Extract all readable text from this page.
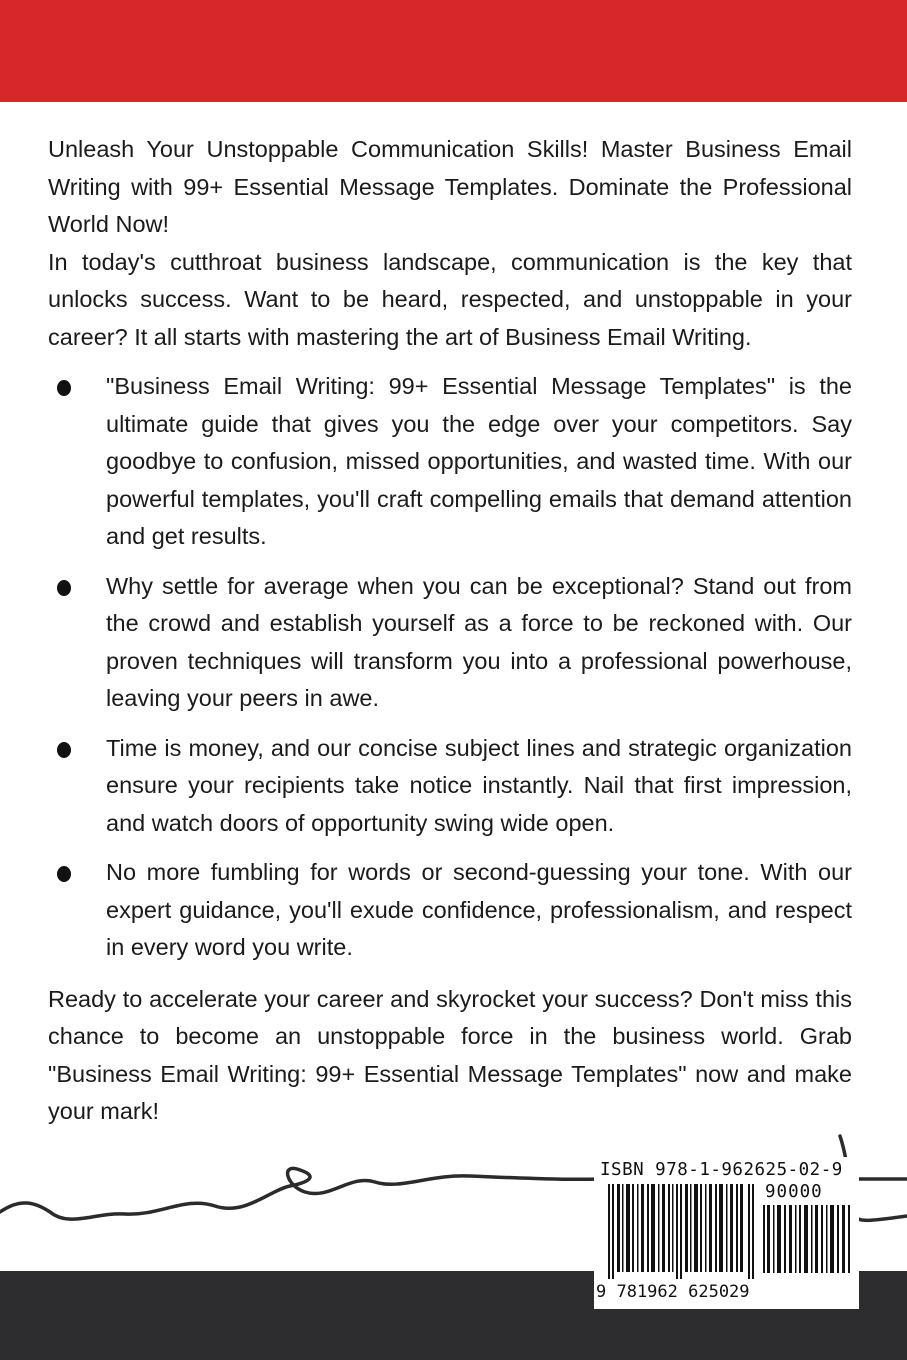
Unleash Your Unstoppable Communication Skills! Master Business Email Writing with 99+ Essential Message Templates. Dominate the Professional World Now!

In today's cutthroat business landscape, communication is the key that unlocks success. Want to be heard, respected, and unstoppable in your career? It all starts with mastering the art of Business Email Writing.

"Business Email Writing: 99+ Essential Message Templates" is the ultimate guide that gives you the edge over your competitors. Say goodbye to confusion, missed opportunities, and wasted time. With our powerful templates, you'll craft compelling emails that demand attention and get results.
Why settle for average when you can be exceptional? Stand out from the crowd and establish yourself as a force to be reckoned with. Our proven techniques will transform you into a professional powerhouse, leaving your peers in awe.
Time is money, and our concise subject lines and strategic organization ensure your recipients take notice instantly. Nail that first impression, and watch doors of opportunity swing wide open.
No more fumbling for words or second-guessing your tone. With our expert guidance, you'll exude confidence, professionalism, and respect in every word you write.

Ready to accelerate your career and skyrocket your success? Don't miss this chance to become an unstoppable force in the business world. Grab "Business Email Writing: 99+ Essential Message Templates" now and make your mark!

ISBN 978-1-962625-02-9
90000
9 781962 625029
